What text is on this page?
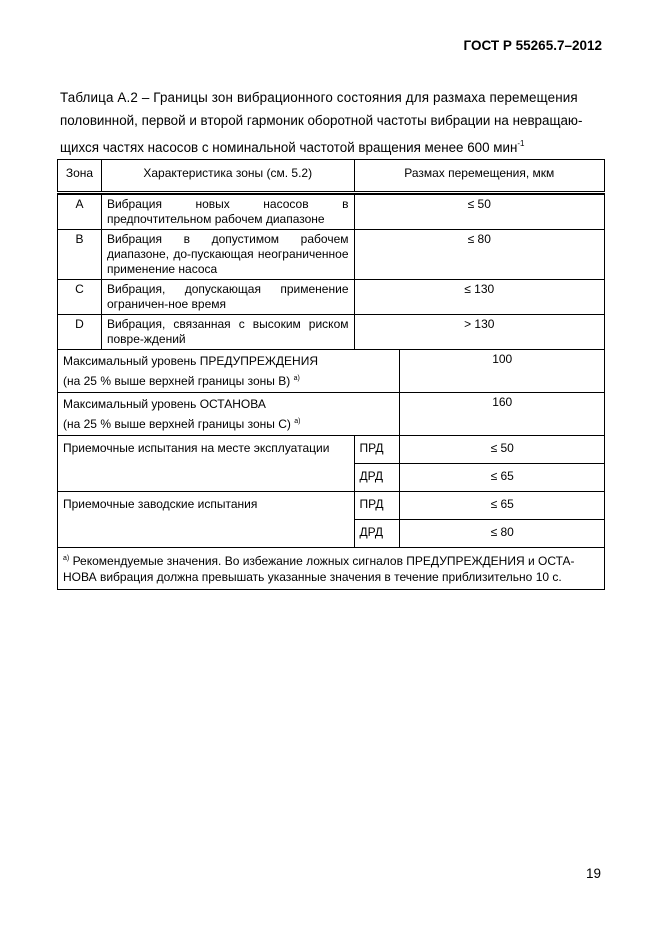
ГОСТ Р 55265.7–2012
Таблица А.2 – Границы зон вибрационного состояния для размаха перемещения
половинной, первой и второй гармоник оборотной частоты вибрации на невращаю-
щихся частях насосов с номинальной частотой вращения менее 600 мин$^{-1}$
Зона	Характеристика зоны (см. 5.2)	Размах перемещения, мкм	

A	Вибрация новых насосов в предпочтительном рабочем диапазоне	≤ 50	
B	Вибрация в допустимом рабочем диапазоне, до-пускающая неограниченное применение насоса	≤ 80	
C	Вибрация, допускающая применение ограничен-ное время	≤ 130	
D	Вибрация, связанная с высоким риском повре-ждений	> 130	

Максимальный уровень ПРЕДУПРЕЖДЕНИЯ
(на 25 % выше верхней границы зоны B) $^{а)}$			100

Максимальный уровень ОСТАНОВА
(на 25 % выше верхней границы зоны C) $^{а)}$			160
Приемочные испытания на месте эксплуатации		ПРД	≤ 50
		ДРД	≤ 65
Приемочные заводские испытания		ПРД	≤ 65
		ДРД	≤ 80
$^{а)}$ Рекомендуемые значения. Во избежание ложных сигналов ПРЕДУПРЕЖДЕНИЯ и ОСТА-НОВА вибрация должна превышать указанные значения в течение приблизительно 10 с.			
19
